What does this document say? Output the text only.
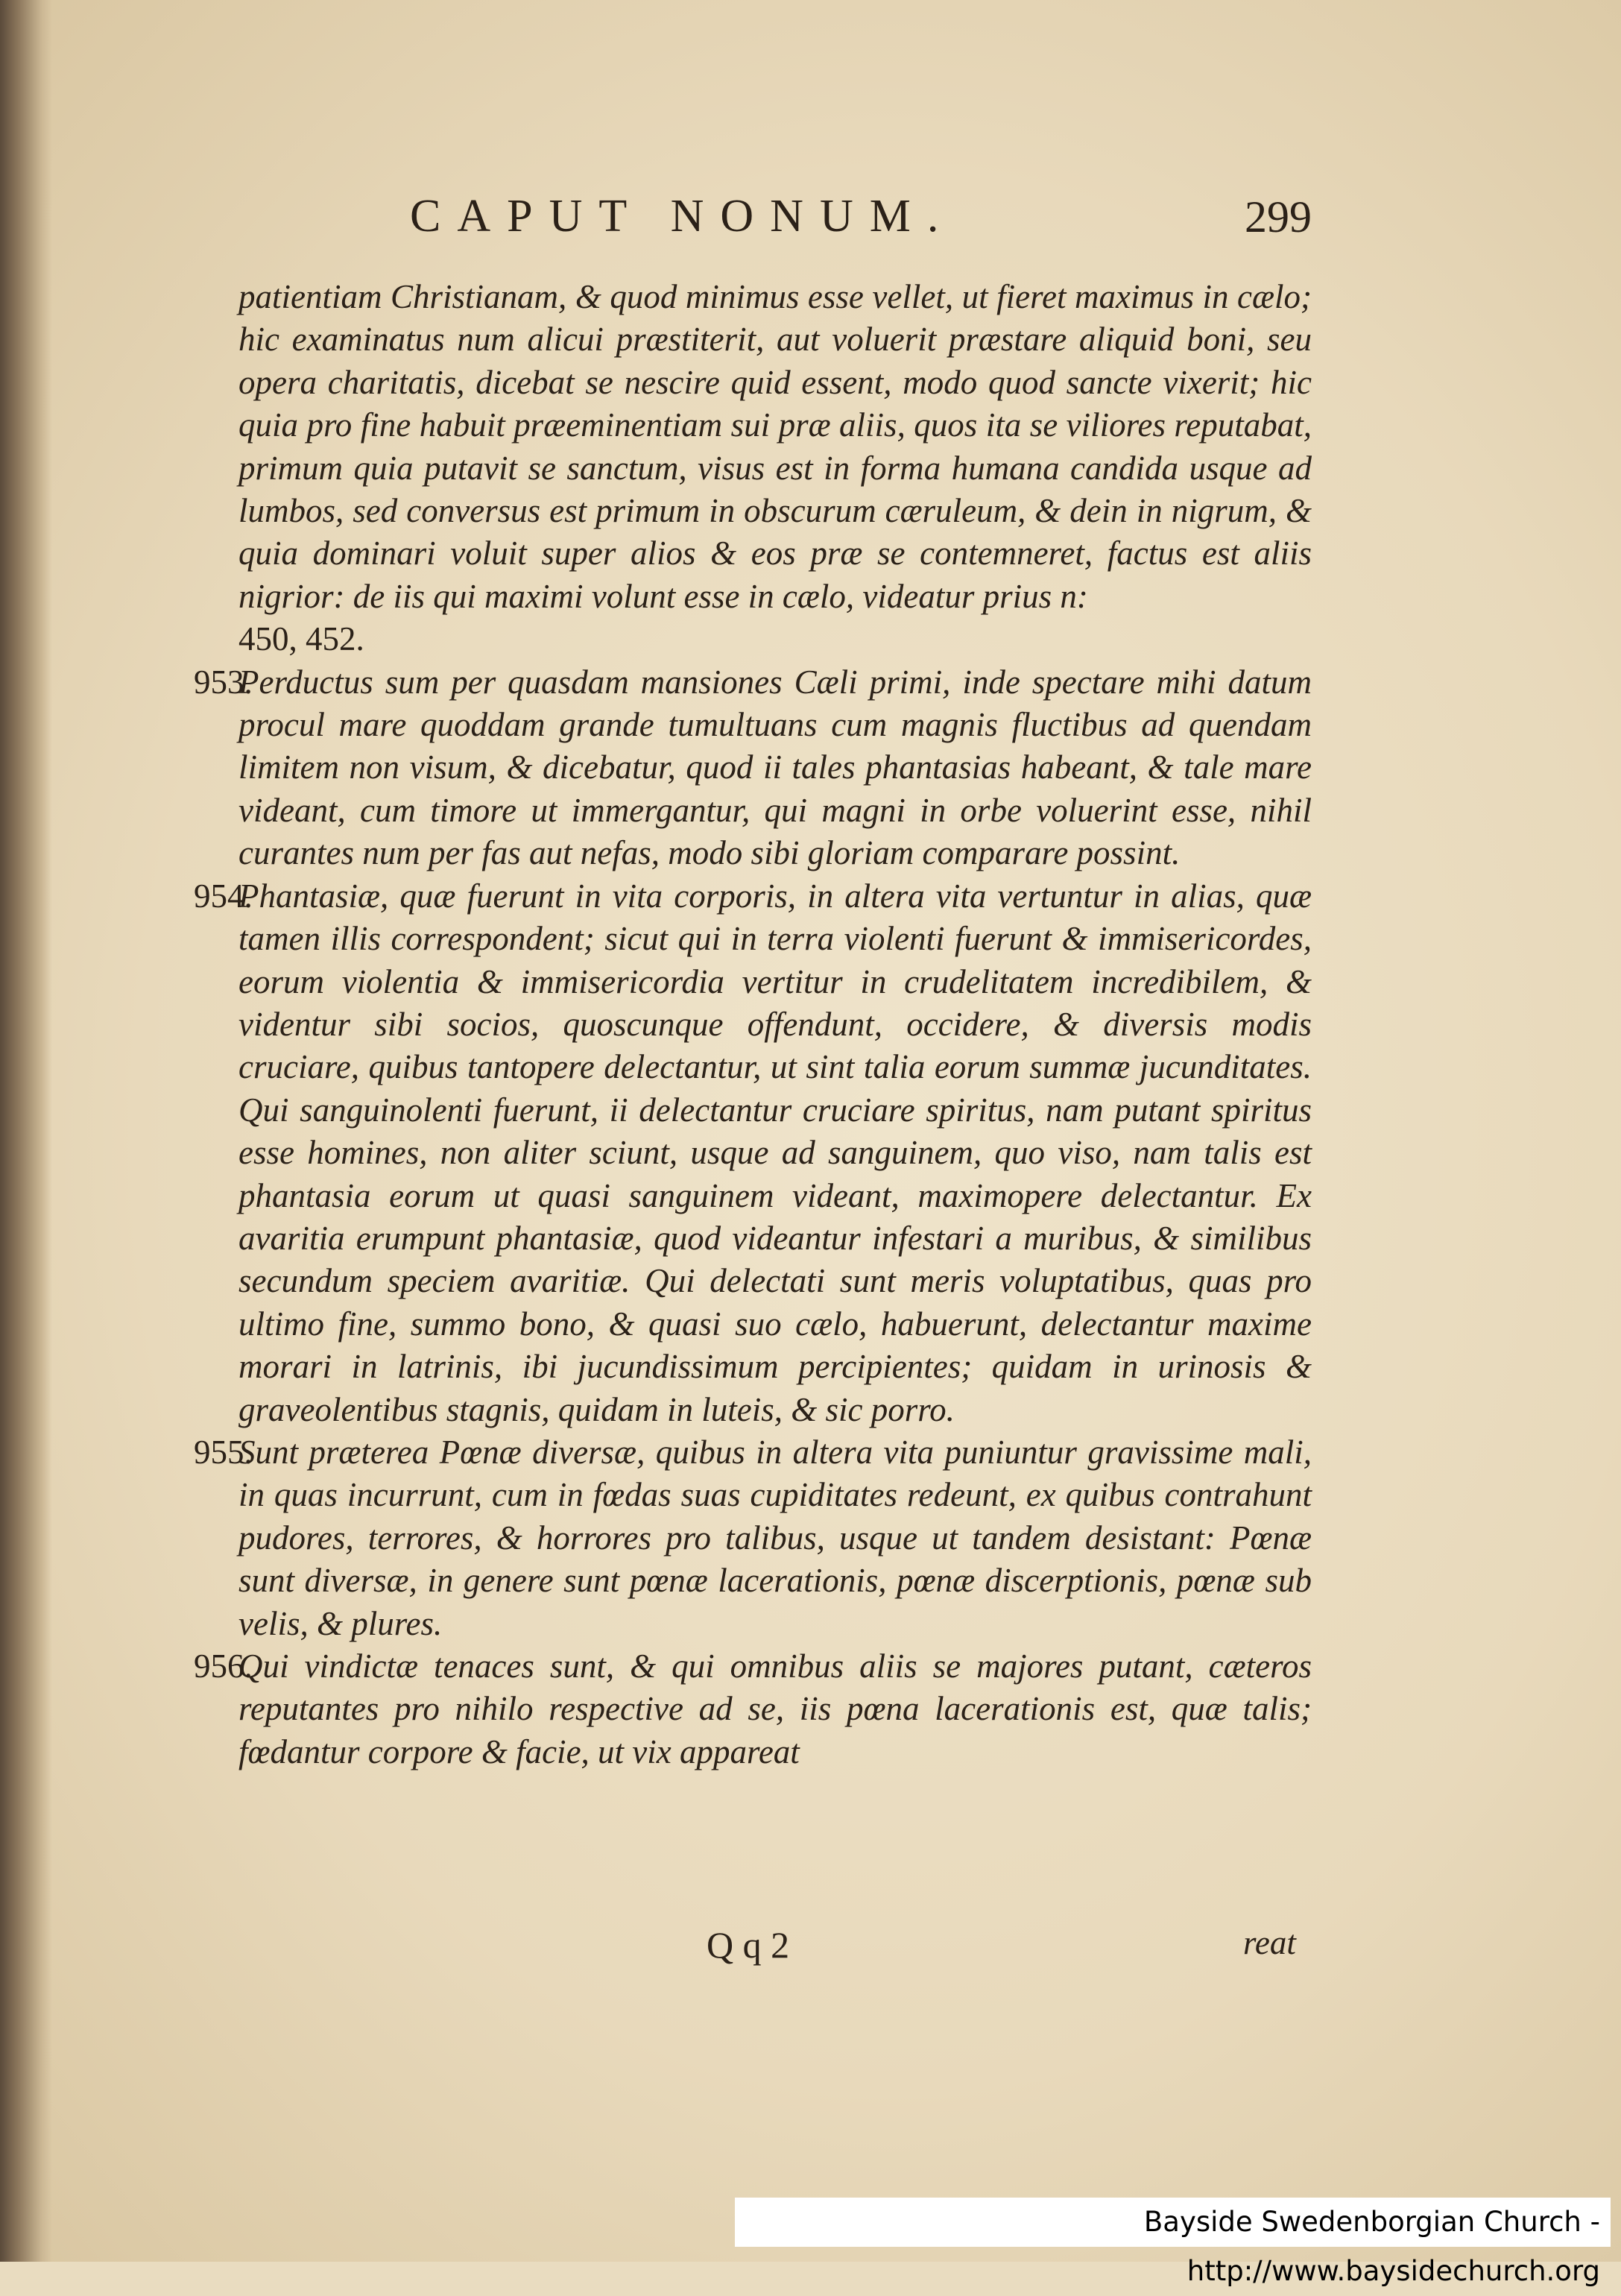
CAPUT NONUM.	299
patientiam Christianam, & quod minimus esse vellet, ut fieret maximus in cælo; hic examinatus num alicui præstiterit, aut voluerit præstare aliquid boni, seu opera charitatis, dicebat se nescire quid essent, modo quod sancte vixerit; hic quia pro fine habuit præeminentiam sui præ aliis, quos ita se viliores reputabat, primum quia putavit se sanctum, visus est in forma humana candida usque ad lumbos, sed conversus est primum in obscurum cæruleum, & dein in nigrum, & quia dominari voluit super alios & eos præ se contemneret, factus est aliis nigrior: de iis qui maximi volunt esse in cælo, videatur prius n:
450, 452.
953.
Perductus sum per quasdam mansiones Cæli primi, inde spectare mihi datum procul mare quoddam grande tumultuans cum magnis fluctibus ad quendam limitem non visum, & dicebatur, quod ii tales phantasias habeant, & tale mare videant, cum timore ut immergantur, qui magni in orbe voluerint esse, nihil curantes num per fas aut nefas, modo sibi gloriam comparare possint.
954.
Phantasiæ, quæ fuerunt in vita corporis, in altera vita vertuntur in alias, quæ tamen illis correspondent; sicut qui in terra violenti fuerunt & immisericordes, eorum violentia & immisericordia vertitur in crudelitatem incredibilem, & videntur sibi socios, quoscunque offendunt, occidere, & diversis modis cruciare, quibus tantopere delectantur, ut sint talia eorum summæ jucunditates. Qui sanguinolenti fuerunt, ii delectantur cruciare spiritus, nam putant spiritus esse homines, non aliter sciunt, usque ad sanguinem, quo viso, nam talis est phantasia eorum ut quasi sanguinem videant, maximopere delectantur. Ex avaritia erumpunt phantasiæ, quod videantur infestari a muribus, & similibus secundum speciem avaritiæ. Qui delectati sunt meris voluptatibus, quas pro ultimo fine, summo bono, & quasi suo cælo, habuerunt, delectantur maxime morari in latrinis, ibi jucundissimum percipientes; quidam in urinosis & graveolentibus stagnis, quidam in luteis, & sic porro.
955.
Sunt præterea Pœnæ diversæ, quibus in altera vita puniuntur gravissime mali, in quas incurrunt, cum in fœdas suas cupiditates redeunt, ex quibus contrahunt pudores, terrores, & horrores pro talibus, usque ut tandem desistant: Pœnæ sunt diversæ, in genere sunt pœnæ lacerationis, pœnæ discerptionis, pœnæ sub velis, & plures.
956.
Qui vindictæ tenaces sunt, & qui omnibus aliis se majores putant, cæteros reputantes pro nihilo respective ad se, iis pœna lacerationis est, quæ talis; fœdantur corpore & facie, ut vix appareat
Q q 2	reat
Bayside Swedenborgian Church - http://www.baysidechurch.org
